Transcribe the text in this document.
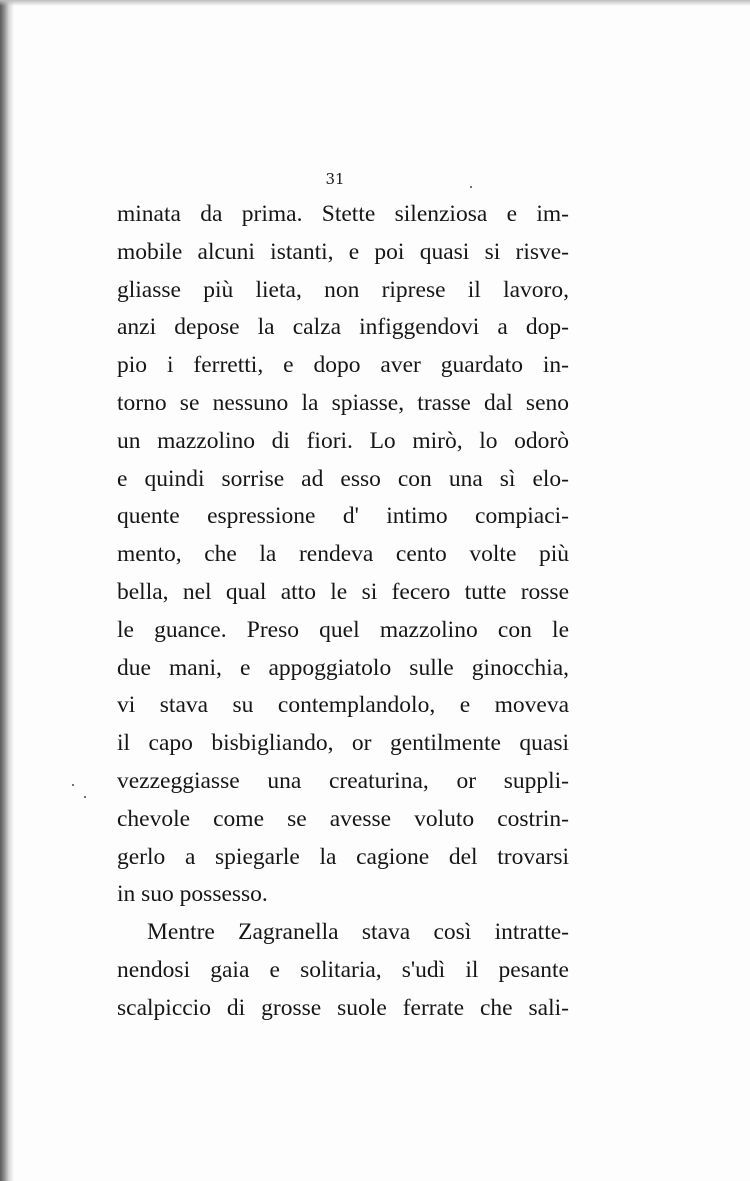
31
minata da prima. Stette silenziosa e im-
mobile alcuni istanti, e poi quasi si risve-
gliasse più lieta, non riprese il lavoro,
anzi depose la calza infiggendovi a dop-
pio i ferretti, e dopo aver guardato in-
torno se nessuno la spiasse, trasse dal seno
un mazzolino di fiori. Lo mirò, lo odorò
e quindi sorrise ad esso con una sì elo-
quente espressione d' intimo compiaci-
mento, che la rendeva cento volte più
bella, nel qual atto le si fecero tutte rosse
le guance. Preso quel mazzolino con le
due mani, e appoggiatolo sulle ginocchia,
vi stava su contemplandolo, e moveva
il capo bisbigliando, or gentilmente quasi
vezzeggiasse una creaturina, or suppli-
chevole come se avesse voluto costrin-
gerlo a spiegarle la cagione del trovarsi
in suo possesso.
Mentre Zagranella stava così intratte-
nendosi gaia e solitaria, s'udì il pesante
scalpiccio di grosse suole ferrate che sali-
